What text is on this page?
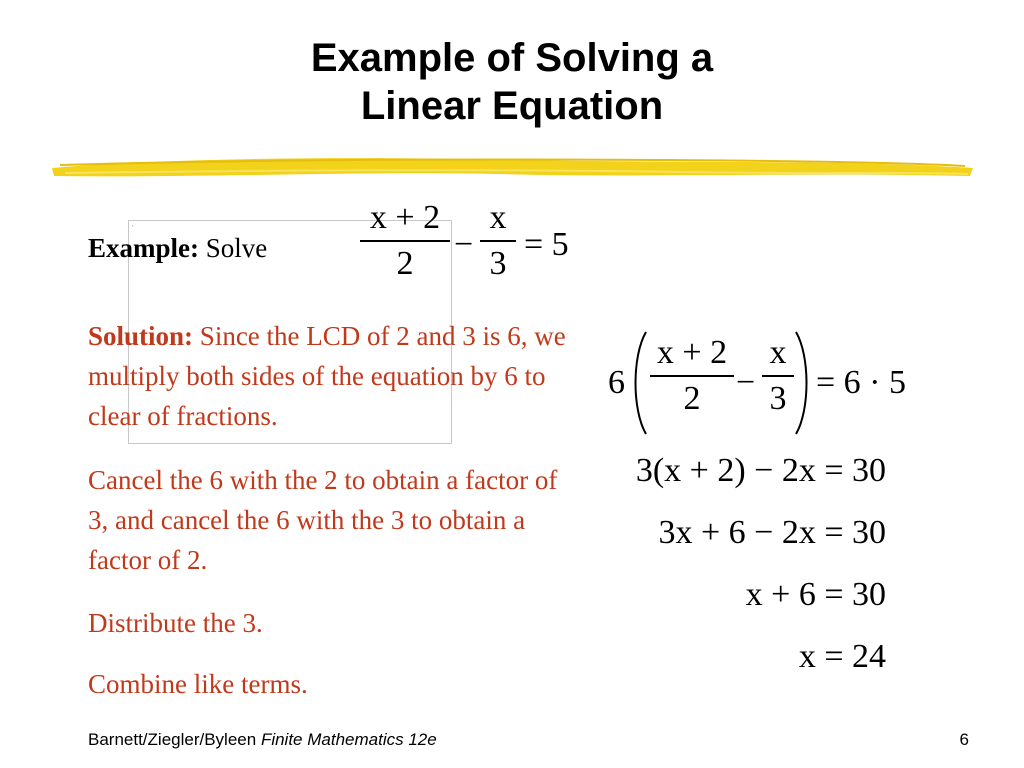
Example of Solving a
Linear Equation
▪
Example: Solve
x + 2
2
−
x
3
= 5
Solution: Since the LCD of 2 and 3 is 6, we multiply both sides of the equation by 6 to clear of fractions.
Cancel the 6 with the 2 to obtain a factor of 3, and cancel the 6 with the 3 to obtain a factor of 2.
Distribute the 3.
Combine like terms.
6
x + 2
2	−
x
3 = 6 · 5
3(x + 2) − 2x = 30
3x + 6 − 2x = 30
x + 6 = 30
x = 24
Barnett/Ziegler/Byleen Finite Mathematics 12e	6
